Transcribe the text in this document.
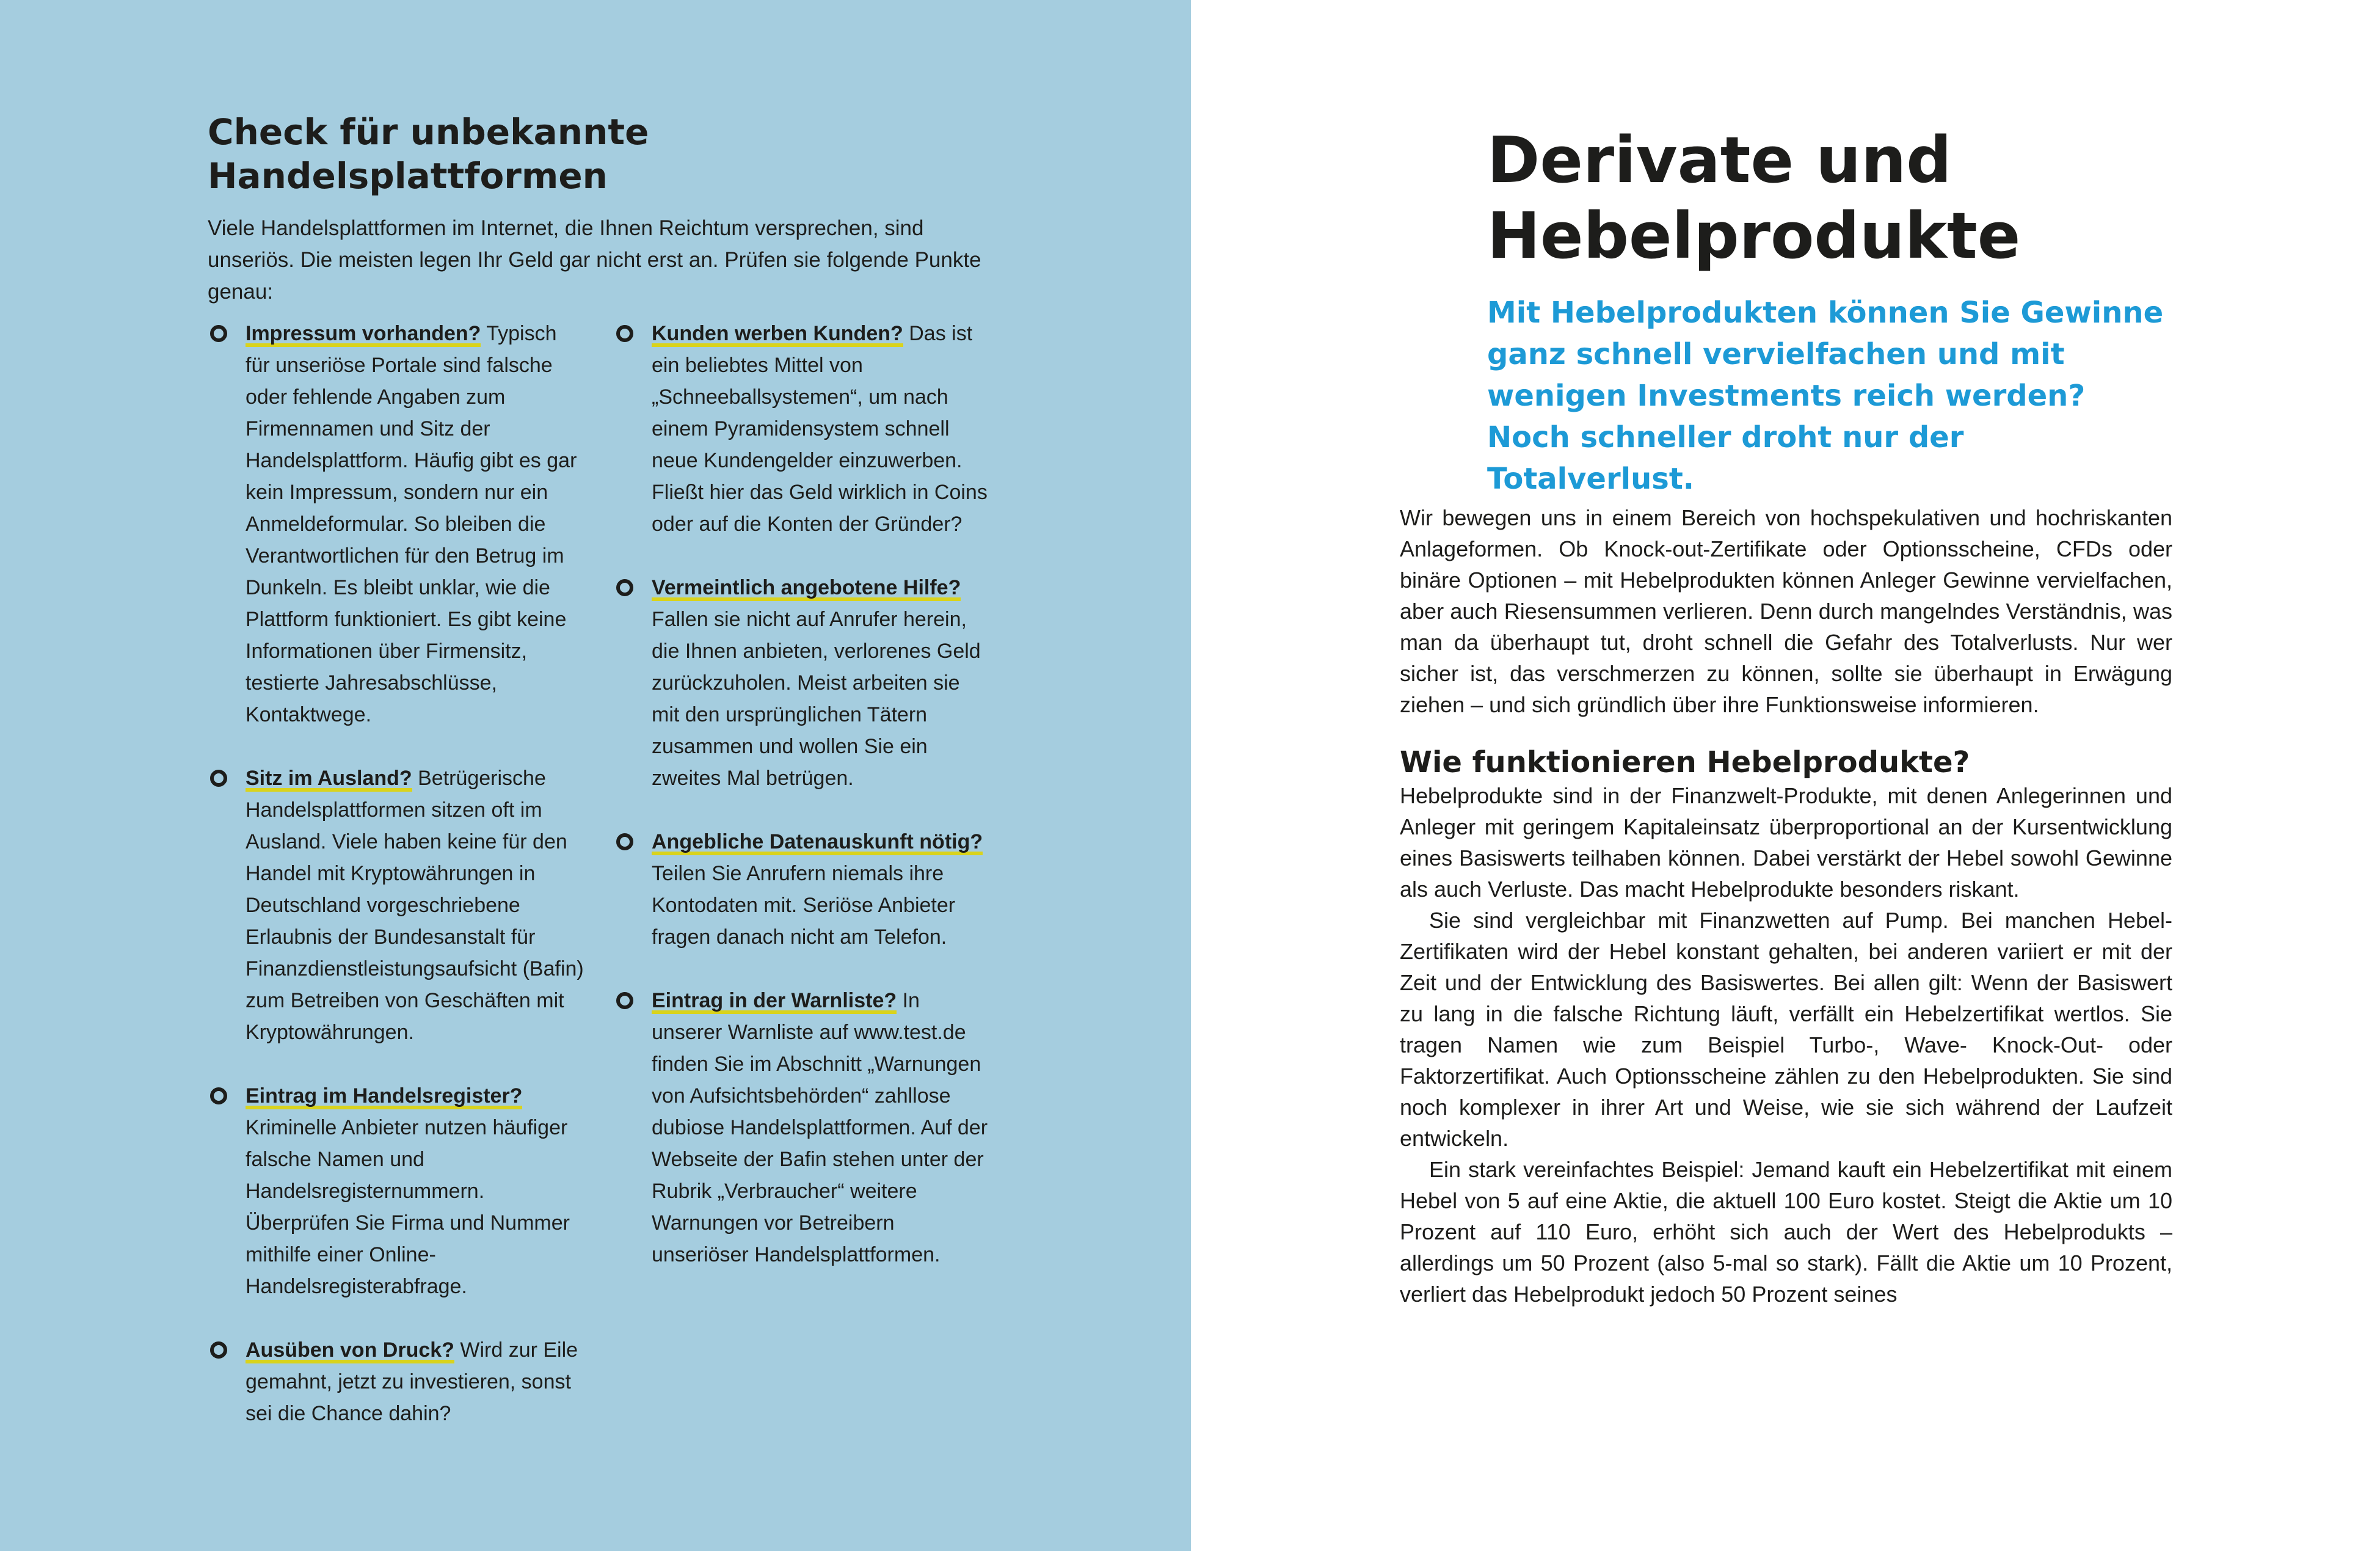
Check für unbekannte Handelsplattformen

Viele Handelsplattformen im Internet, die Ihnen Reichtum versprechen, sind unseriös. Die meisten legen Ihr Geld gar nicht erst an. Prüfen sie folgende Punkte genau:

Impressum vorhanden? Typisch für unseriöse Portale sind falsche oder fehlende Angaben zum Firmennamen und Sitz der Handelsplattform. Häufig gibt es gar kein Impressum, sondern nur ein Anmeldeformular. So bleiben die Verantwortlichen für den Betrug im Dunkeln. Es bleibt unklar, wie die Plattform funktioniert. Es gibt keine Informationen über Firmensitz, testierte Jahresabschlüsse, Kontaktwege.

Sitz im Ausland? Betrügerische Handelsplattformen sitzen oft im Ausland. Viele haben keine für den Handel mit Kryptowährungen in Deutschland vorgeschriebene Erlaubnis der Bundesanstalt für Finanzdienstleistungsaufsicht (Bafin) zum Betreiben von Geschäften mit Kryptowährungen.

Eintrag im Handelsregister? Kriminelle Anbieter nutzen häufiger falsche Namen und Handelsregisternummern. Überprüfen Sie Firma und Nummer mithilfe einer Online-Handelsregisterabfrage.

Ausüben von Druck? Wird zur Eile gemahnt, jetzt zu investieren, sonst sei die Chance dahin?

Kunden werben Kunden? Das ist ein beliebtes Mittel von „Schneeballsystemen“, um nach einem Pyramidensystem schnell neue Kundengelder einzuwerben. Fließt hier das Geld wirklich in Coins oder auf die Konten der Gründer?

Vermeintlich angebotene Hilfe? Fallen sie nicht auf Anrufer herein, die Ihnen anbieten, verlorenes Geld zurückzuholen. Meist arbeiten sie mit den ursprünglichen Tätern zusammen und wollen Sie ein zweites Mal betrügen.

Angebliche Datenauskunft nötig? Teilen Sie Anrufern niemals ihre Kontodaten mit. Seriöse Anbieter fragen danach nicht am Telefon.

Eintrag in der Warnliste? In unserer Warnliste auf www.test.de finden Sie im Abschnitt „Warnungen von Aufsichtsbehörden“ zahllose dubiose Handelsplattformen. Auf der Webseite der Bafin stehen unter der Rubrik „Verbraucher“ weitere Warnungen vor Betreibern unseriöser Handelsplattformen.

Derivate und
Hebelprodukte

Mit Hebelprodukten können Sie Gewinne ganz schnell vervielfachen und mit wenigen Investments reich werden? Noch schneller droht nur der Totalverlust.

Wir bewegen uns in einem Bereich von hochspekulativen und hochriskanten Anlageformen. Ob Knock-out-Zertifikate oder Optionsscheine, CFDs oder binäre Optionen – mit Hebelprodukten können Anleger Gewinne vervielfachen, aber auch Riesensummen verlieren. Denn durch mangelndes Verständnis, was man da überhaupt tut, droht schnell die Gefahr des Totalverlusts. Nur wer sicher ist, das verschmerzen zu können, sollte sie überhaupt in Erwägung ziehen – und sich gründlich über ihre Funktionsweise informieren.

Wie funktionieren Hebelprodukte?

Hebelprodukte sind in der Finanzwelt-Produkte, mit denen Anlegerinnen und Anleger mit geringem Kapitaleinsatz überproportional an der Kursentwicklung eines Basiswerts teilhaben können. Dabei verstärkt der Hebel sowohl Gewinne als auch Verluste. Das macht Hebelprodukte besonders riskant.

Sie sind vergleichbar mit Finanzwetten auf Pump. Bei manchen Hebel-Zertifikaten wird der Hebel konstant gehalten, bei anderen variiert er mit der Zeit und der Entwicklung des Basiswertes. Bei allen gilt: Wenn der Basiswert zu lang in die falsche Richtung läuft, verfällt ein Hebelzertifikat wertlos. Sie tragen Namen wie zum Beispiel Turbo-, Wave- Knock-Out- oder Faktorzertifikat. Auch Optionsscheine zählen zu den Hebelprodukten. Sie sind noch komplexer in ihrer Art und Weise, wie sie sich während der Laufzeit entwickeln.

Ein stark vereinfachtes Beispiel: Jemand kauft ein Hebelzertifikat mit einem Hebel von 5 auf eine Aktie, die aktuell 100 Euro kostet. Steigt die Aktie um 10 Prozent auf 110 Euro, erhöht sich auch der Wert des Hebelprodukts – allerdings um 50 Prozent (also 5-mal so stark). Fällt die Aktie um 10 Prozent, verliert das Hebelprodukt jedoch 50 Prozent seines
